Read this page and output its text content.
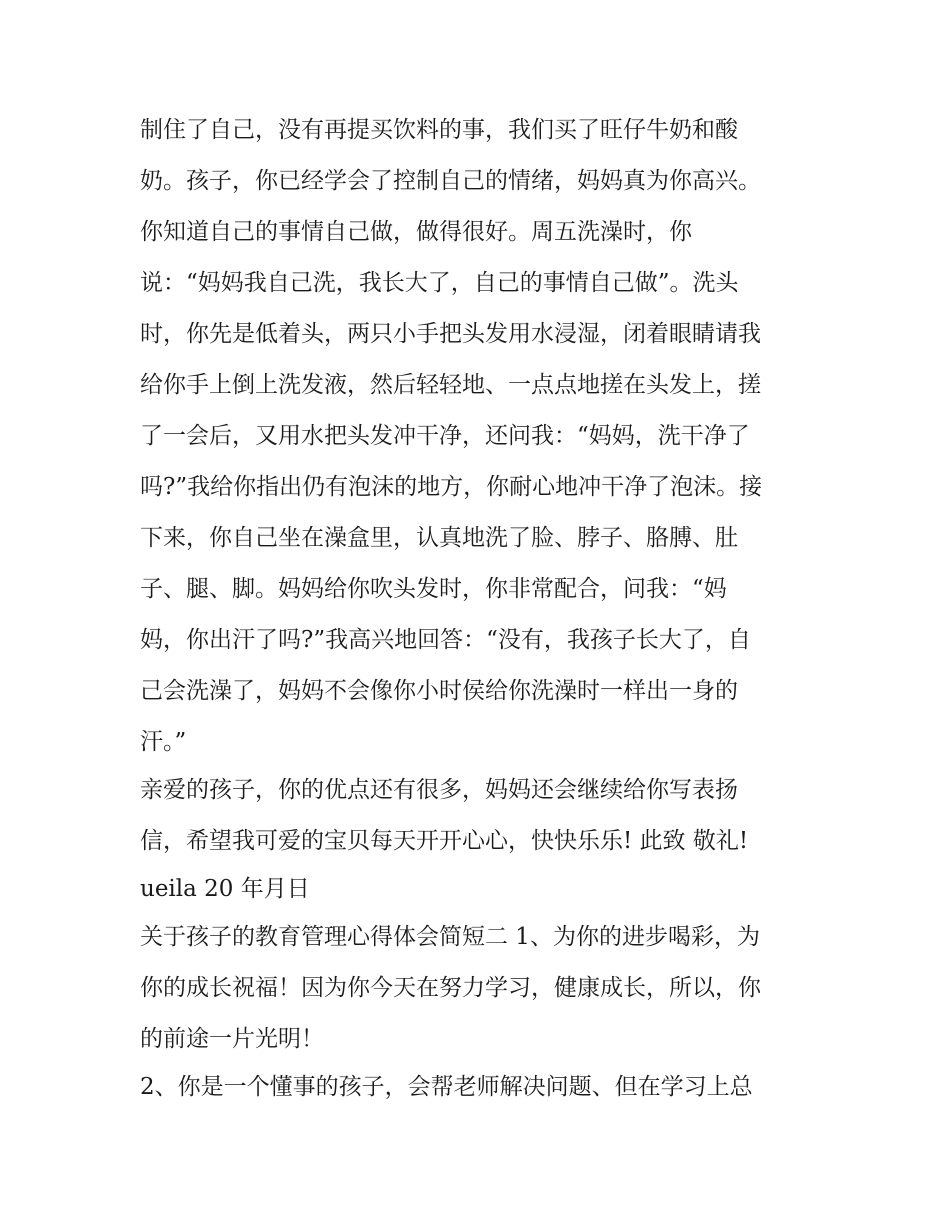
制住了自己，没有再提买饮料的事，我们买了旺仔牛奶和酸
奶。孩子，你已经学会了控制自己的情绪，妈妈真为你高兴。
你知道自己的事情自己做，做得很好。周五洗澡时，你
说：“妈妈我自己洗，我长大了，自己的事情自己做”。洗头
时，你先是低着头，两只小手把头发用水浸湿，闭着眼睛请我
给你手上倒上洗发液，然后轻轻地、一点点地搓在头发上，搓
了一会后，又用水把头发冲干净，还问我：“妈妈，洗干净了
吗?”我给你指出仍有泡沫的地方，你耐心地冲干净了泡沫。接
下来，你自己坐在澡盒里，认真地洗了脸、脖子、胳膊、肚
子、腿、脚。妈妈给你吹头发时，你非常配合，问我：“妈
妈，你出汗了吗?”我高兴地回答：“没有，我孩子长大了，自
己会洗澡了，妈妈不会像你小时侯给你洗澡时一样出一身的
汗。”
亲爱的孩子，你的优点还有很多，妈妈还会继续给你写表扬
信，希望我可爱的宝贝每天开开心心，快快乐乐! 此致 敬礼!
ueila 20 年月日
关于孩子的教育管理心得体会简短二 1、为你的进步喝彩，为
你的成长祝福！因为你今天在努力学习，健康成长，所以，你
的前途一片光明！
2、你是一个懂事的孩子，会帮老师解决问题、但在学习上总
